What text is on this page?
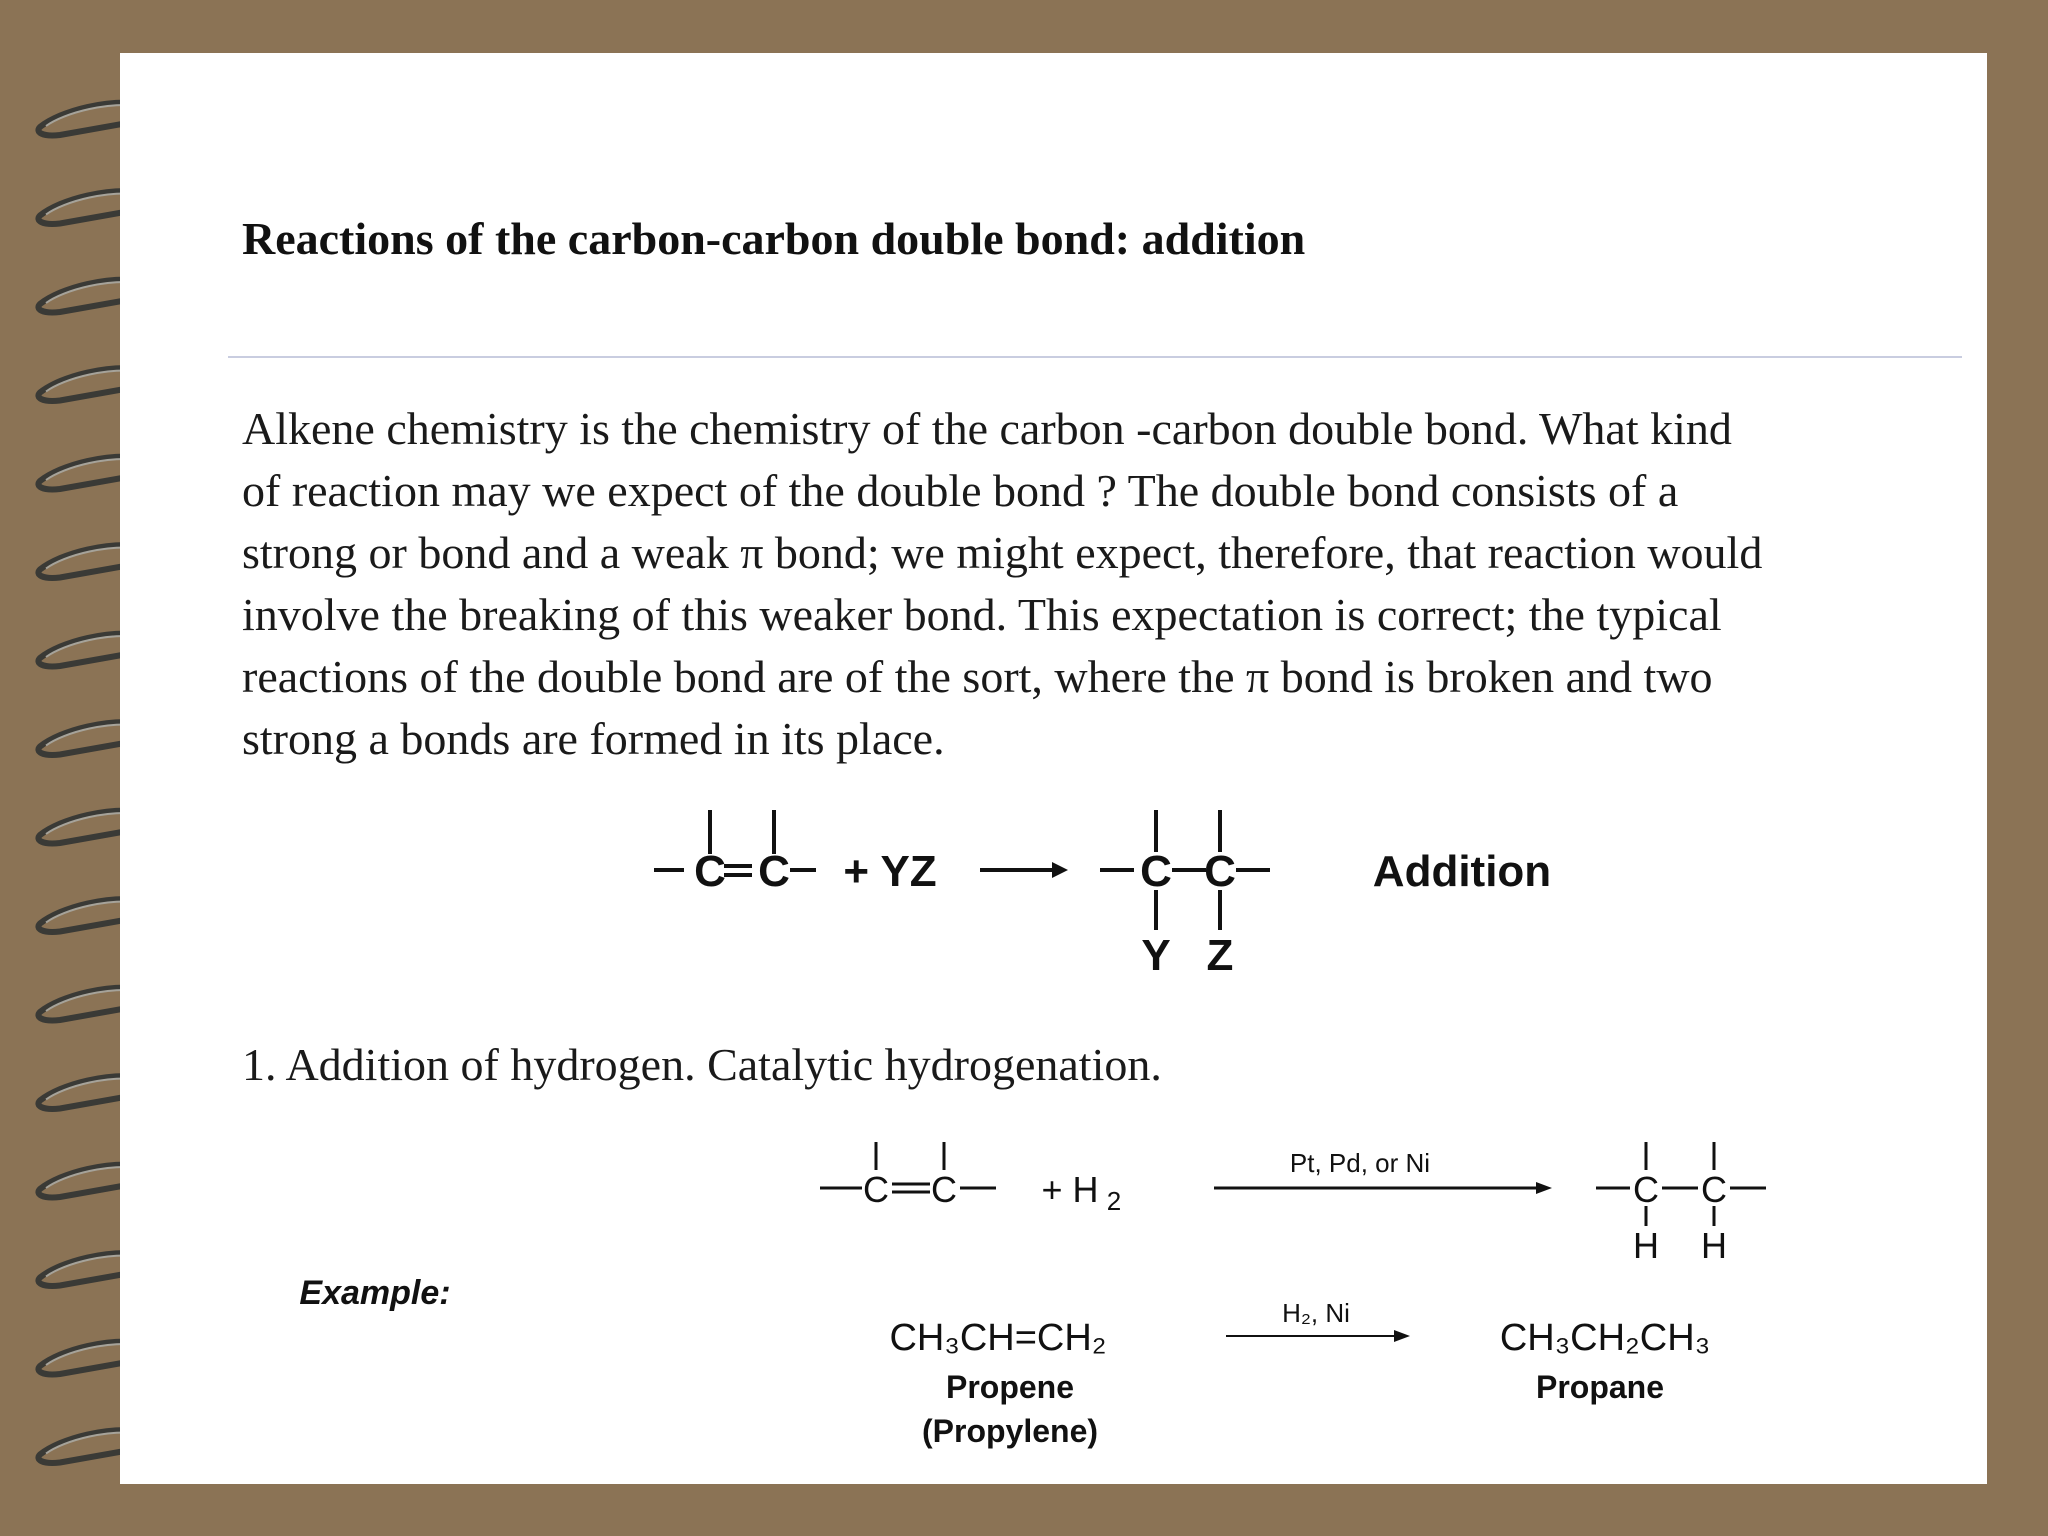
Reactions of the carbon-carbon double bond: addition
Alkene chemistry is the chemistry of the carbon -carbon double bond. What kind
of reaction may we expect of the double bond ? The double bond consists of a
strong or bond and a weak π bond; we might expect, therefore, that reaction would
involve the breaking of this weaker bond. This expectation is correct; the typical
reactions of the double bond are of the sort, where the π bond is broken and two
strong a bonds are formed in its place.
C C + YZ	C C
Y Z
Addition
1. Addition of hydrogen. Catalytic hydrogenation.
C C + H 2
Pt, Pd, or Ni
C C
H H
Example:
CH₃CH=CH₂
Propene
(Propylene)
H₂, Ni
CH₃CH₂CH₃
Propane
